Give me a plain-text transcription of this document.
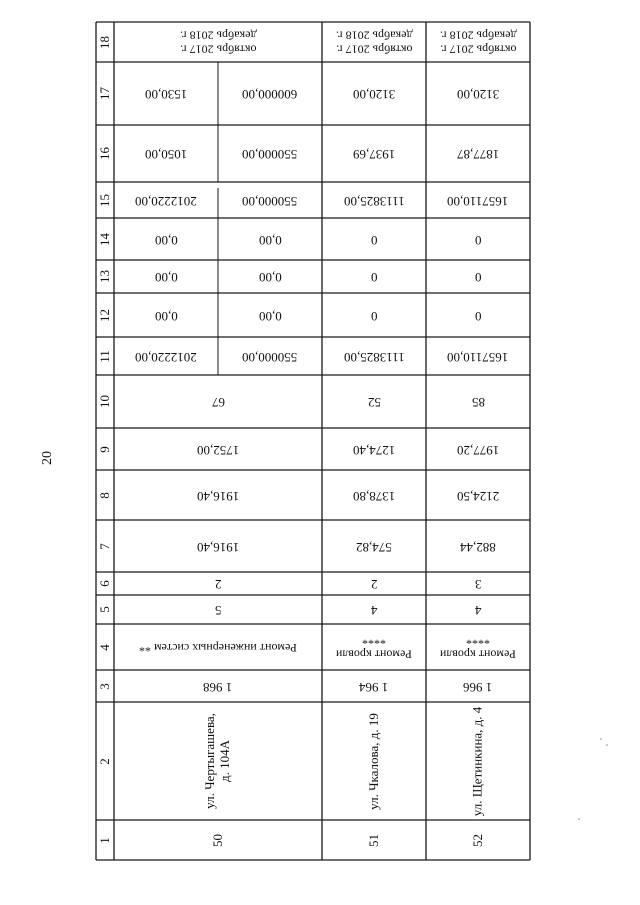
20
18
17
16
15
14
13
12
11
10
9
8
7
6
5
4
3
2
1
октябрь 2017 г.
декабрь 2018 г.
1530,00
1050,00
2012220,00
0,00
0,00
0,00
2012220,00
600000,00
550000,00
550000,00
0,00
0,00
0,00
550000,00
67
1752,00
1916,40
1916,40
2
5
Ремонт инженерных систем **
1 968
ул. Чертыгашева,
д. 104А
50
октябрь 2017 г.
декабрь 2018 г.
3120,00
1937,69
1113825,00
0
0
0
1113825,00
52
1274,40
1378,80
574,82
2
4
Ремонт кровли
****
1 964
ул. Чкалова, д. 19
51
октябрь 2017 г.
декабрь 2018 г.
3120,00
1877,87
1657110,00
0
0
0
1657110,00
85
1977,20
2124,50
882,44
3
4
Ремонт кровли
****
1 966
ул. Щетинкина, д. 4
52
